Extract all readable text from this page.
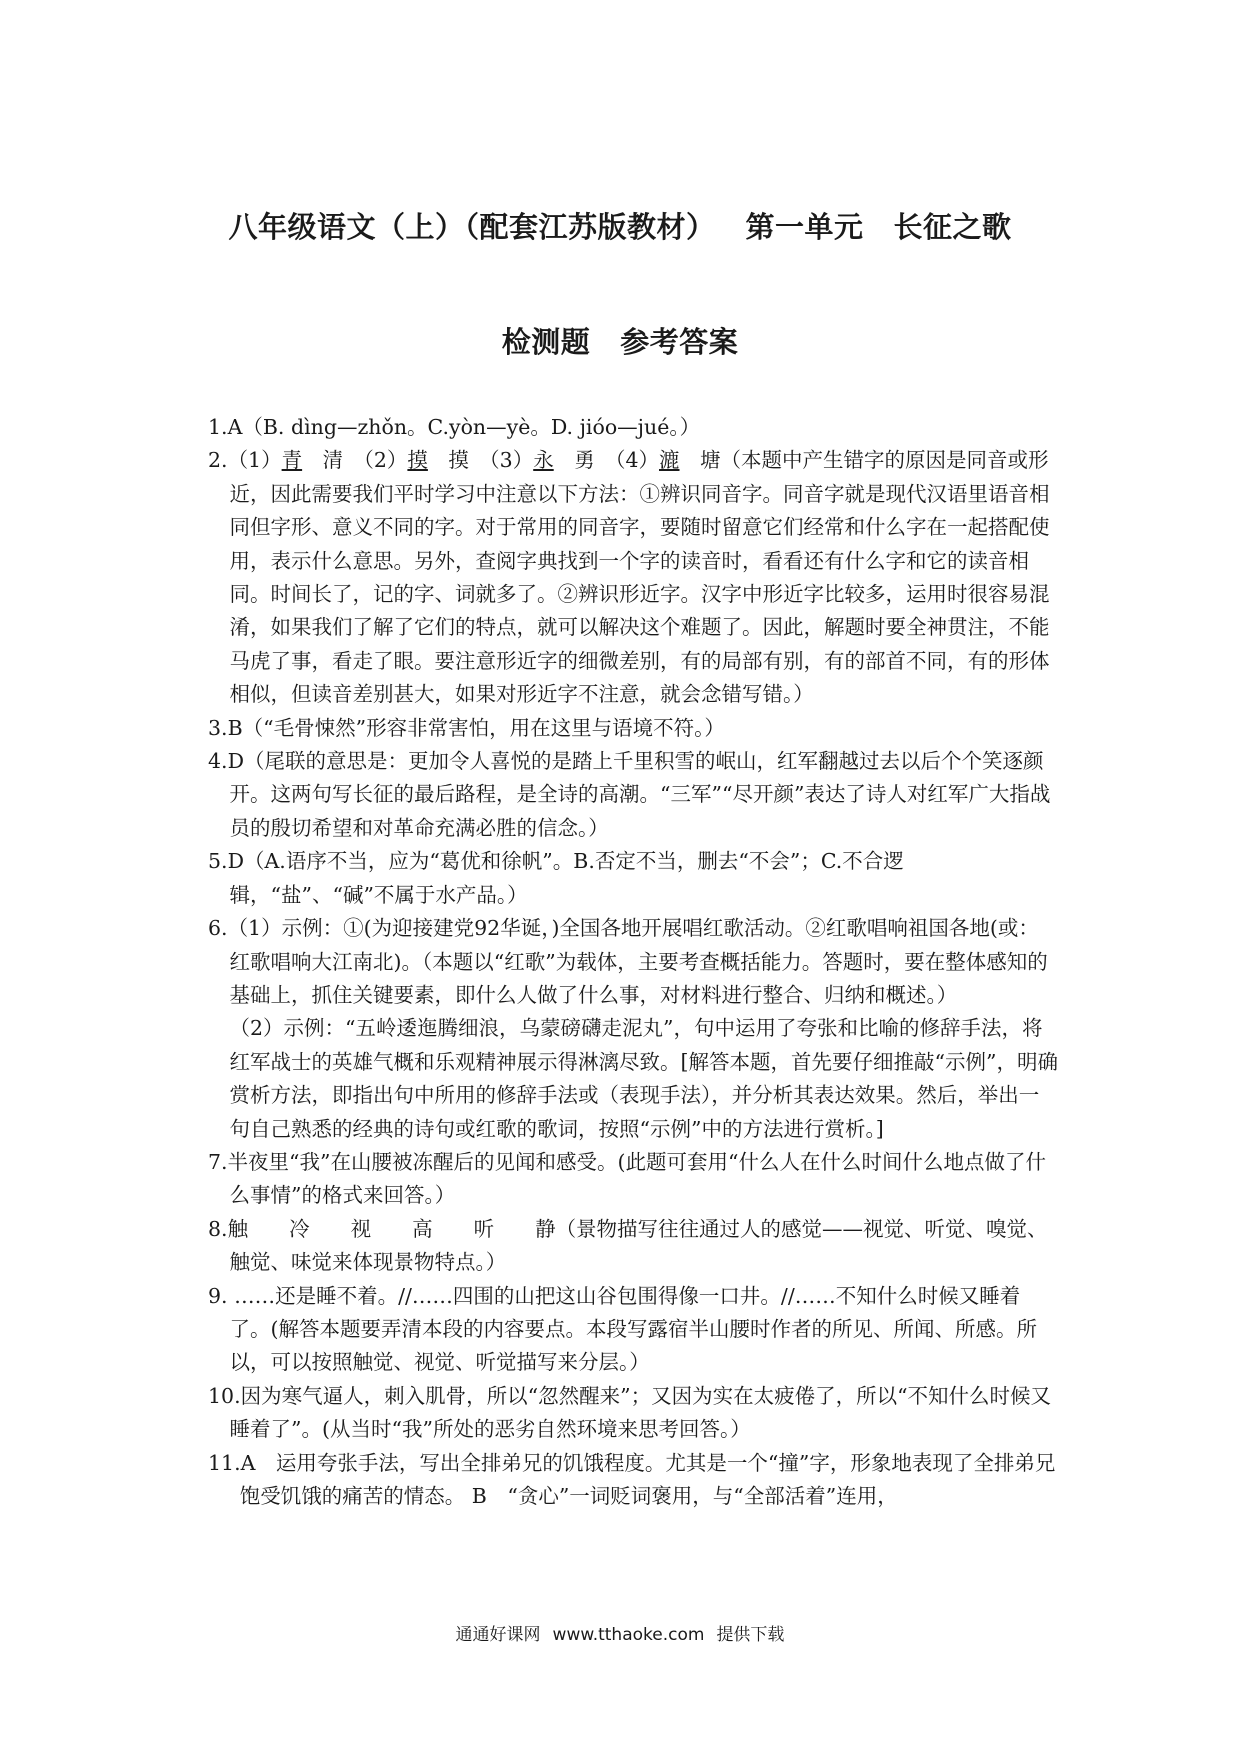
八年级语文（上）（配套江苏版教材） 第一单元 长征之歌
检测题 参考答案
1.A（B. dìng—zhǒn。C.yòn—yè。D. jióo—jué。）
2.（1）青　 清　 （2）摸　 摸　 （3）永　 勇　 （4）漉　 塘（本题中产生错字的原因是同音或形近，因此需要我们平时学习中注意以下方法：①辨识同音字。同音字就是现代汉语里语音相同但字形、意义不同的字。对于常用的同音字，要随时留意它们经常和什么字在一起搭配使用，表示什么意思。另外，查阅字典找到一个字的读音时，看看还有什么字和它的读音相同。时间长了，记的字、词就多了。②辨识形近字。汉字中形近字比较多，运用时很容易混淆，如果我们了解了它们的特点，就可以解决这个难题了。因此，解题时要全神贯注，不能马虎了事，看走了眼。要注意形近字的细微差别，有的局部有别，有的部首不同，有的形体相似，但读音差别甚大，如果对形近字不注意，就会念错写错。）
3.B（“毛骨悚然”形容非常害怕，用在这里与语境不符。）
4.D（尾联的意思是：更加令人喜悦的是踏上千里积雪的岷山，红军翻越过去以后个个笑逐颜开。这两句写长征的最后路程，是全诗的高潮。“三军”“尽开颜”表达了诗人对红军广大指战员的殷切希望和对革命充满必胜的信念。）
5.D（A.语序不当，应为“葛优和徐帆”。B.否定不当，删去“不会”；C.不合逻辑，“盐”、“碱”不属于水产品。）
6.（1）示例：①(为迎接建党92华诞，)全国各地开展唱红歌活动。②红歌唱响祖国各地(或：红歌唱响大江南北)。（本题以“红歌”为载体，主要考查概括能力。答题时，要在整体感知的基础上，抓住关键要素，即什么人做了什么事，对材料进行整合、归纳和概述。）
（2）示例：“五岭逶迤腾细浪，乌蒙磅礴走泥丸”，句中运用了夸张和比喻的修辞手法，将红军战士的英雄气概和乐观精神展示得淋漓尽致。[解答本题，首先要仔细推敲“示例”，明确赏析方法，即指出句中所用的修辞手法或（表现手法），并分析其表达效果。然后，举出一句自己熟悉的经典的诗句或红歌的歌词，按照“示例”中的方法进行赏析。]
7.半夜里“我”在山腰被冻醒后的见闻和感受。(此题可套用“什么人在什么时间什么地点做了什么事情”的格式来回答。）
8.触　　 冷　　 视　　 高　　 听　　 静（景物描写往往通过人的感觉——视觉、听觉、嗅觉、触觉、味觉来体现景物特点。）
9. ……还是睡不着。//……四围的山把这山谷包围得像一口井。//……不知什么时候又睡着了。(解答本题要弄清本段的内容要点。本段写露宿半山腰时作者的所见、所闻、所感。所以，可以按照触觉、视觉、听觉描写来分层。）
10.因为寒气逼人，刺入肌骨，所以“忽然醒来”；又因为实在太疲倦了，所以“不知什么时候又睡着了”。(从当时“我”所处的恶劣自然环境来思考回答。）
11.A　运用夸张手法，写出全排弟兄的饥饿程度。尤其是一个“撞”字，形象地表现了全排弟兄饱受饥饿的痛苦的情态。 B　“贪心”一词贬词褒用，与“全部活着”连用，
通通好课网 www.tthaoke.com 提供下载
